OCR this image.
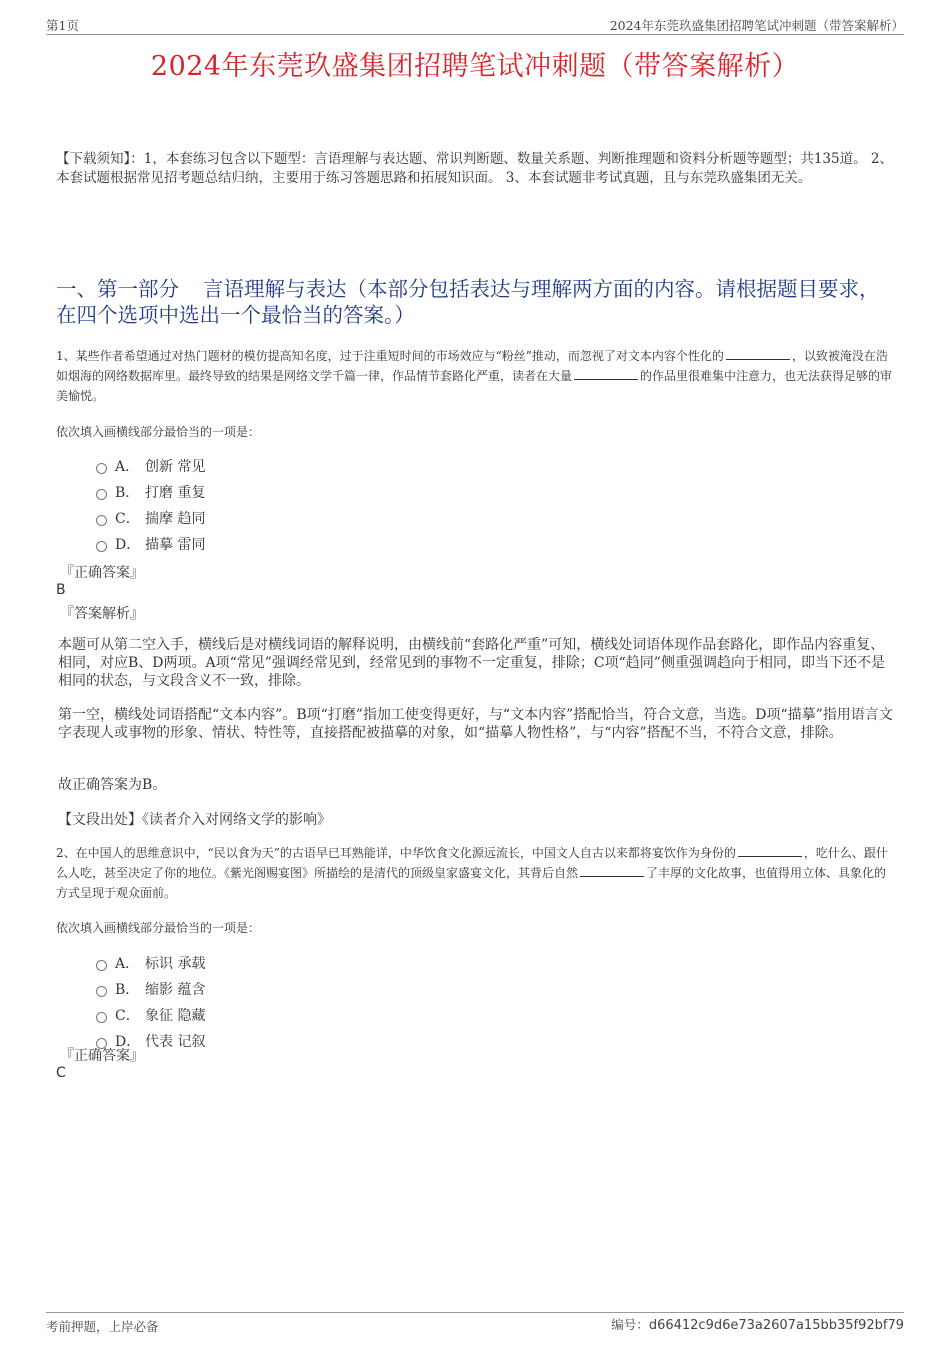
第1页	2024年东莞玖盛集团招聘笔试冲刺题（带答案解析）
2024年东莞玖盛集团招聘笔试冲刺题（带答案解析）
【下载须知】：1，本套练习包含以下题型：言语理解与表达题、常识判断题、数量关系题、判断推理题和资料分析题等题型；共135道。 2、本套试题根据常见招考题总结归纳，主要用于练习答题思路和拓展知识面。 3、本套试题非考试真题，且与东莞玖盛集团无关。
一、第一部分 言语理解与表达（本部分包括表达与理解两方面的内容。请根据题目要求，在四个选项中选出一个最恰当的答案。）
1、某些作者希望通过对热门题材的模仿提高知名度，过于注重短时间的市场效应与“粉丝”推动，而忽视了对文本内容个性化的	，以致被淹没在浩如烟海的网络数据库里。最终导致的结果是网络文学千篇一律，作品情节套路化严重，读者在大量	的作品里很难集中注意力，也无法获得足够的审美愉悦。
依次填入画横线部分最恰当的一项是：
A． 创新 常见
B． 打磨 重复
C． 揣摩 趋同
D． 描摹 雷同
『正确答案』
B
『答案解析』
本题可从第二空入手，横线后是对横线词语的解释说明，由横线前“套路化严重”可知，横线处词语体现作品套路化，即作品内容重复、相同，对应B、D两项。A项“常见”强调经常见到，经常见到的事物不一定重复，排除；C项“趋同”侧重强调趋向于相同，即当下还不是相同的状态，与文段含义不一致，排除。
第一空，横线处词语搭配“文本内容”。B项“打磨”指加工使变得更好，与“文本内容”搭配恰当，符合文意，当选。D项“描摹”指用语言文字表现人或事物的形象、情状、特性等，直接搭配被描摹的对象，如“描摹人物性格”，与“内容”搭配不当，不符合文意，排除。
故正确答案为B。
【文段出处】《读者介入对网络文学的影响》
2、在中国人的思维意识中，“民以食为天”的古语早已耳熟能详，中华饮食文化源远流长，中国文人自古以来都将宴饮作为身份的	，吃什么、跟什么人吃，甚至决定了你的地位。《紫光阁赐宴图》所描绘的是清代的顶级皇家盛宴文化，其背后自然	了丰厚的文化故事，也值得用立体、具象化的方式呈现于观众面前。
依次填入画横线部分最恰当的一项是：
A． 标识 承载
B． 缩影 蕴含
C． 象征 隐藏
D． 代表 记叙
『正确答案』
C
考前押题，上岸必备	编号：d66412c9d6e73a2607a15bb35f92bf79
